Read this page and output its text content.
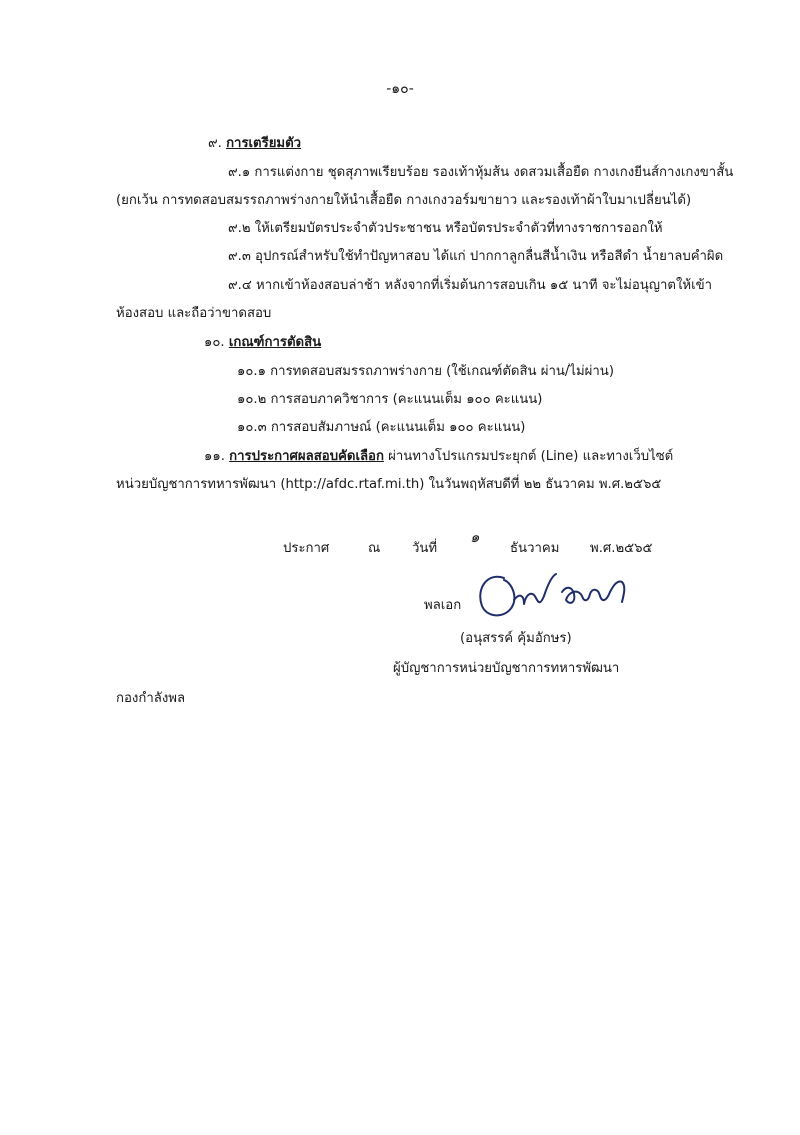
-๑๐-
๙. การเตรียมตัว
๙.๑ การแต่งกาย ชุดสุภาพเรียบร้อย รองเท้าหุ้มส้น งดสวมเสื้อยืด กางเกงยีนส์กางเกงขาสั้น
(ยกเว้น การทดสอบสมรรถภาพร่างกายให้นำเสื้อยืด กางเกงวอร์มขายาว และรองเท้าผ้าใบมาเปลี่ยนได้)
๙.๒ ให้เตรียมบัตรประจำตัวประชาชน หรือบัตรประจำตัวที่ทางราชการออกให้
๙.๓ อุปกรณ์สำหรับใช้ทำปัญหาสอบ ได้แก่ ปากกาลูกลื่นสีน้ำเงิน หรือสีดำ น้ำยาลบคำผิด
๙.๔ หากเข้าห้องสอบล่าช้า หลังจากที่เริ่มต้นการสอบเกิน ๑๕ นาที จะไม่อนุญาตให้เข้า
ห้องสอบ และถือว่าขาดสอบ
๑๐. เกณฑ์การตัดสิน
๑๐.๑ การทดสอบสมรรถภาพร่างกาย (ใช้เกณฑ์ตัดสิน ผ่าน/ไม่ผ่าน)
๑๐.๒ การสอบภาควิชาการ (คะแนนเต็ม ๑๐๐ คะแนน)
๑๐.๓ การสอบสัมภาษณ์ (คะแนนเต็ม ๑๐๐ คะแนน)
๑๑. การประกาศผลสอบคัดเลือก ผ่านทางโปรแกรมประยุกต์ (Line) และทางเว็บไซต์
หน่วยบัญชาการทหารพัฒนา (http://afdc.rtaf.mi.th) ในวันพฤหัสบดีที่ ๒๒ ธันวาคม พ.ศ.๒๕๖๕
ประกาศ	ณ วันที่
๑
ธันวาคม พ.ศ.๒๕๖๕
พลเอก
(อนุสรรค์ คุ้มอักษร)
ผู้บัญชาการหน่วยบัญชาการทหารพัฒนา
กองกำลังพล
